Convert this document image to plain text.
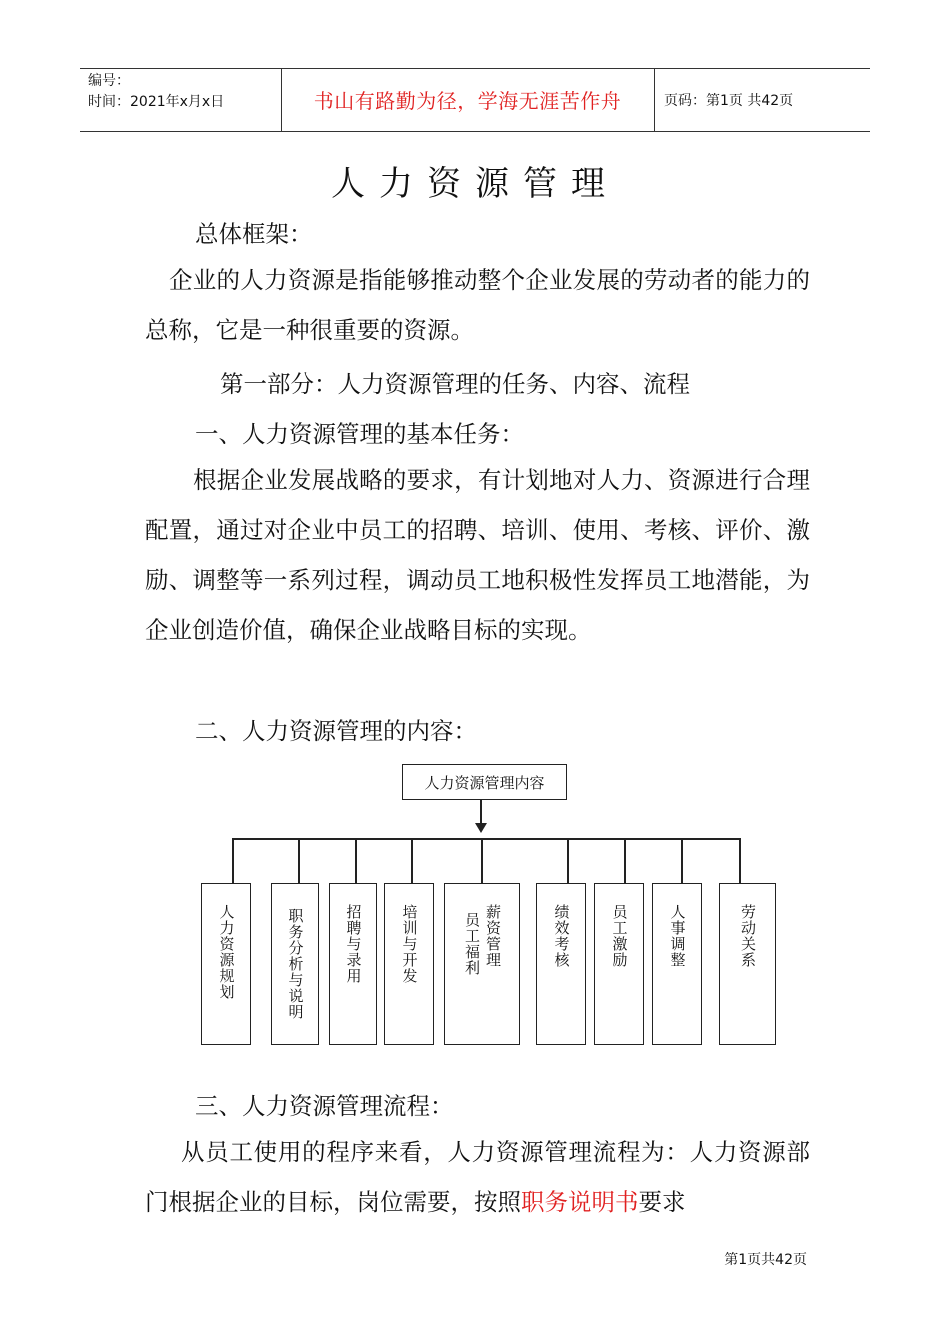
编号：
时间：2021年x月x日	书山有路勤为径，学海无涯苦作舟	页码：第1页 共42页
人力资源管理
总体框架：

企业的人力资源是指能够推动整个企业发展的劳动者的能力的总称，它是一种很重要的资源。

第一部分：人力资源管理的任务、内容、流程
一、人力资源管理的基本任务：

根据企业发展战略的要求，有计划地对人力、资源进行合理配置，通过对企业中员工的招聘、培训、使用、考核、评价、激励、调整等一系列过程，调动员工地积极性发挥员工地潜能，为企业创造价值，确保企业战略目标的实现。

二、人力资源管理的内容：
人力资源管理内容
人力资源规划	职务分析与说明	招聘与录用	培训与开发	员工福利 薪资管理	绩效考核	员工激励	人事调整	劳动关系
三、人力资源管理流程：

从员工使用的程序来看，人力资源管理流程为：人力资源部门根据企业的目标，岗位需要，按照职务说明书要求

第1页共42页
